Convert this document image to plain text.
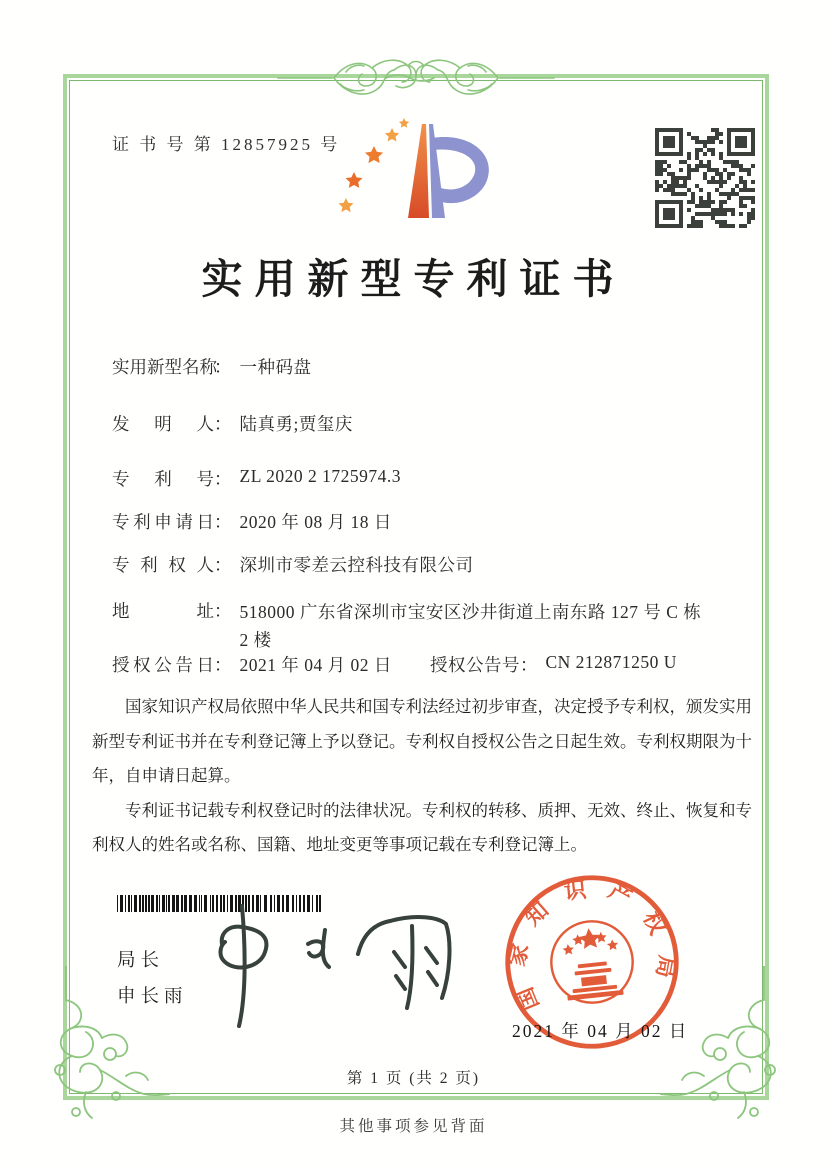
证 书 号 第 12857925 号
实用新型专利证书
实用新型名称： 一种码盘
发 明 人： 陆真勇;贾玺庆
专 利 号： ZL 2020 2 1725974.3
专利申请日： 2020 年 08 月 18 日
专 利 权 人： 深圳市零差云控科技有限公司
地 址 ： 518000 广东省深圳市宝安区沙井街道上南东路 127 号 C 栋 2 楼
授权公告日： 2021 年 04 月 02 日 授权公告号： CN 212871250 U

国家知识产权局依照中华人民共和国专利法经过初步审查，决定授予专利权，颁发实用新型专利证书并在专利登记簿上予以登记。专利权自授权公告之日起生效。专利权期限为十年，自申请日起算。

专利证书记载专利权登记时的法律状况。专利权的转移、质押、无效、终止、恢复和专利权人的姓名或名称、国籍、地址变更等事项记载在专利登记簿上。

局长
申长雨	国家知识产权局
2021 年 04 月 02 日
第 1 页 (共 2 页)
其他事项参见背面
